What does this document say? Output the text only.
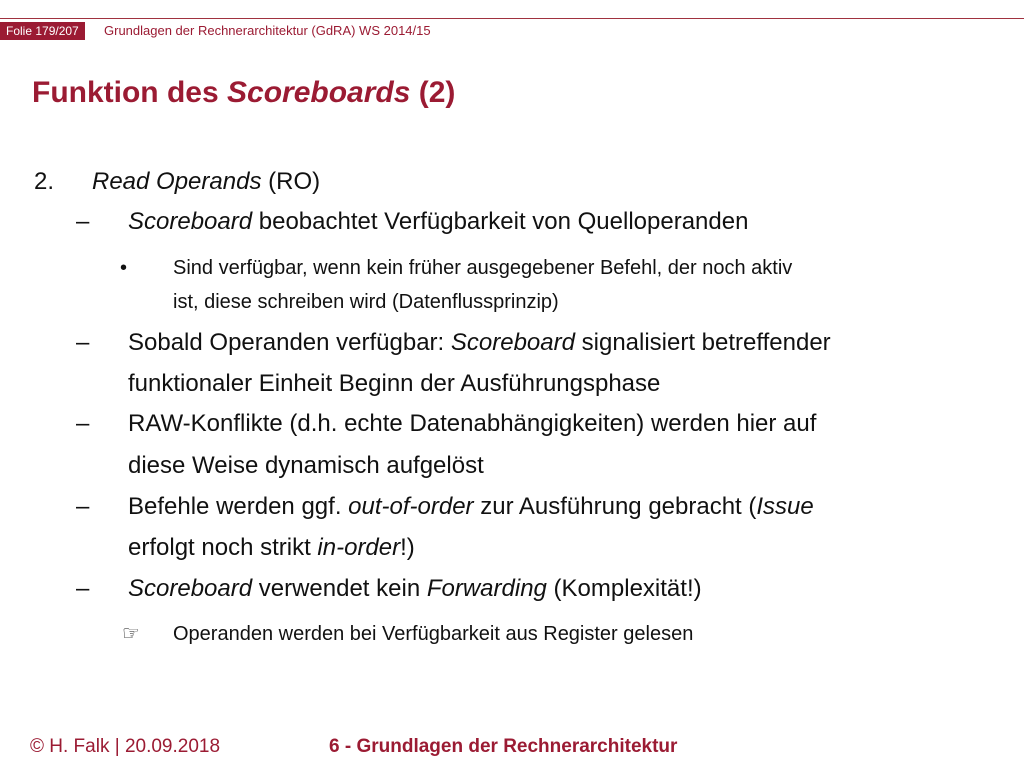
Folie 179/207	Grundlagen der Rechnerarchitektur (GdRA) WS 2014/15
Funktion des Scoreboards (2)
2. Read Operands (RO)
– Scoreboard beobachtet Verfügbarkeit von Quelloperanden
• Sind verfügbar, wenn kein früher ausgegebener Befehl, der noch aktiv
ist, diese schreiben wird (Datenflussprinzip)
– Sobald Operanden verfügbar: Scoreboard signalisiert betreffender
funktionaler Einheit Beginn der Ausführungsphase
– RAW-Konflikte (d.h. echte Datenabhängigkeiten) werden hier auf
diese Weise dynamisch aufgelöst
– Befehle werden ggf. out-of-order zur Ausführung gebracht (Issue
erfolgt noch strikt in-order!)
– Scoreboard verwendet kein Forwarding (Komplexität!)
☞ Operanden werden bei Verfügbarkeit aus Register gelesen
© H. Falk | 20.09.2018	6 - Grundlagen der Rechnerarchitektur
